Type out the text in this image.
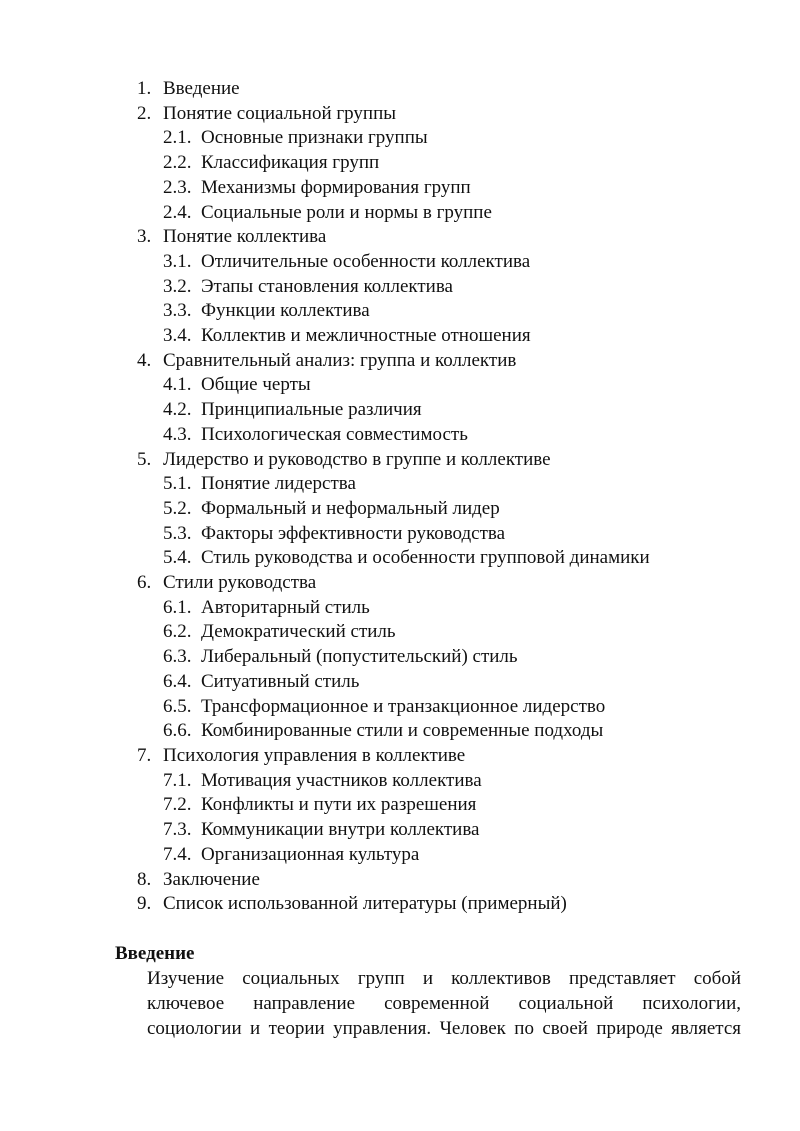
1. Введение
2. Понятие социальной группы
2.1. Основные признаки группы
2.2. Классификация групп
2.3. Механизмы формирования групп
2.4. Социальные роли и нормы в группе
3. Понятие коллектива
3.1. Отличительные особенности коллектива
3.2. Этапы становления коллектива
3.3. Функции коллектива
3.4. Коллектив и межличностные отношения
4. Сравнительный анализ: группа и коллектив
4.1. Общие черты
4.2. Принципиальные различия
4.3. Психологическая совместимость
5. Лидерство и руководство в группе и коллективе
5.1. Понятие лидерства
5.2. Формальный и неформальный лидер
5.3. Факторы эффективности руководства
5.4. Стиль руководства и особенности групповой динамики
6. Стили руководства
6.1. Авторитарный стиль
6.2. Демократический стиль
6.3. Либеральный (попустительский) стиль
6.4. Ситуативный стиль
6.5. Трансформационное и транзакционное лидерство
6.6. Комбинированные стили и современные подходы
7. Психология управления в коллективе
7.1. Мотивация участников коллектива
7.2. Конфликты и пути их разрешения
7.3. Коммуникации внутри коллектива
7.4. Организационная культура
8. Заключение
9. Список использованной литературы (примерный)
Введение

Изучение социальных групп и коллективов представляет собой
ключевое направление современной социальной психологии,
социологии и теории управления. Человек по своей природе является
